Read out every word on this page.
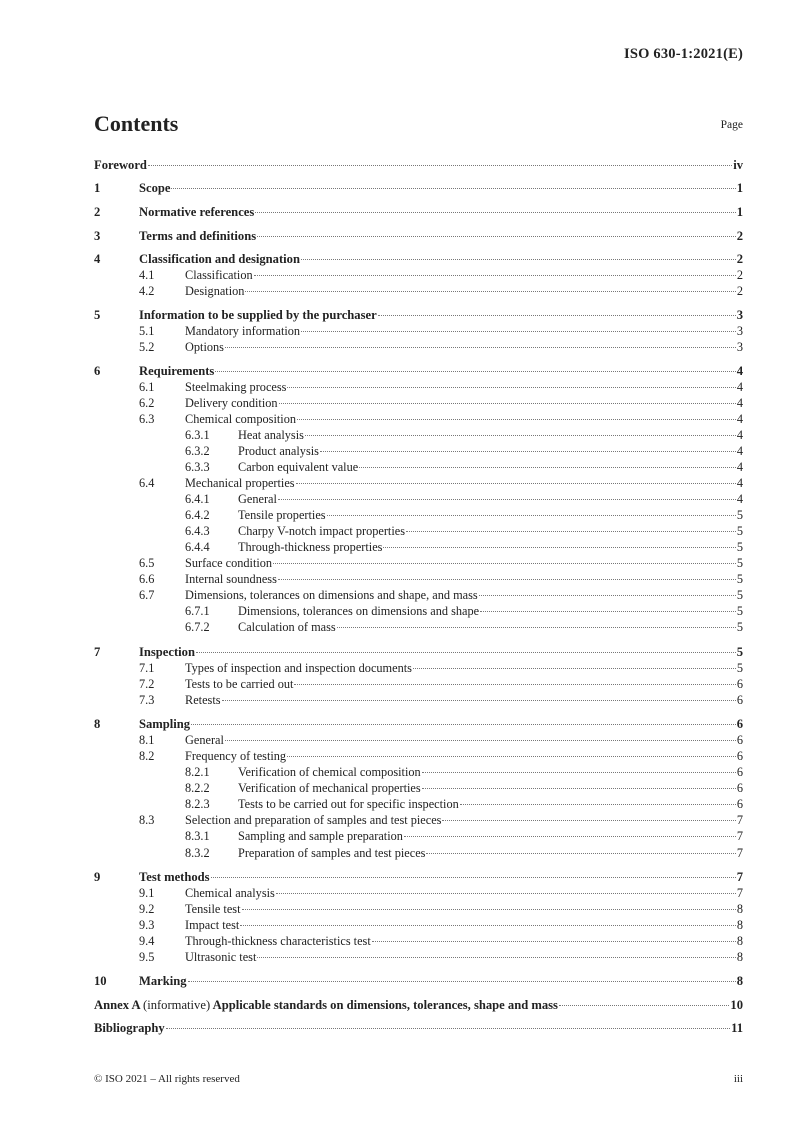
ISO 630-1:2021(E)
Contents	Page
Foreword	iv
1	Scope	1
2	Normative references	1
3	Terms and definitions	2
4	Classification and designation	2
4.1	Classification	2
4.2	Designation	2
5	Information to be supplied by the purchaser	3
5.1	Mandatory information	3
5.2	Options	3
6	Requirements	4
6.1	Steelmaking process	4
6.2	Delivery condition	4
6.3	Chemical composition	4
6.3.1	Heat analysis	4
6.3.2	Product analysis	4
6.3.3	Carbon equivalent value	4
6.4	Mechanical properties	4
6.4.1	General	4
6.4.2	Tensile properties	5
6.4.3	Charpy V-notch impact properties	5
6.4.4	Through-thickness properties	5
6.5	Surface condition	5
6.6	Internal soundness	5
6.7	Dimensions, tolerances on dimensions and shape, and mass	5
6.7.1	Dimensions, tolerances on dimensions and shape	5
6.7.2	Calculation of mass	5
7	Inspection	5
7.1	Types of inspection and inspection documents	5
7.2	Tests to be carried out	6
7.3	Retests	6
8	Sampling	6
8.1	General	6
8.2	Frequency of testing	6
8.2.1	Verification of chemical composition	6
8.2.2	Verification of mechanical properties	6
8.2.3	Tests to be carried out for specific inspection	6
8.3	Selection and preparation of samples and test pieces	7
8.3.1	Sampling and sample preparation	7
8.3.2	Preparation of samples and test pieces	7
9	Test methods	7
9.1	Chemical analysis	7
9.2	Tensile test	8
9.3	Impact test	8
9.4	Through-thickness characteristics test	8
9.5	Ultrasonic test	8
10	Marking	8
Annex A (informative) Applicable standards on dimensions, tolerances, shape and mass	10
Bibliography	11
© ISO 2021 – All rights reserved	iii
